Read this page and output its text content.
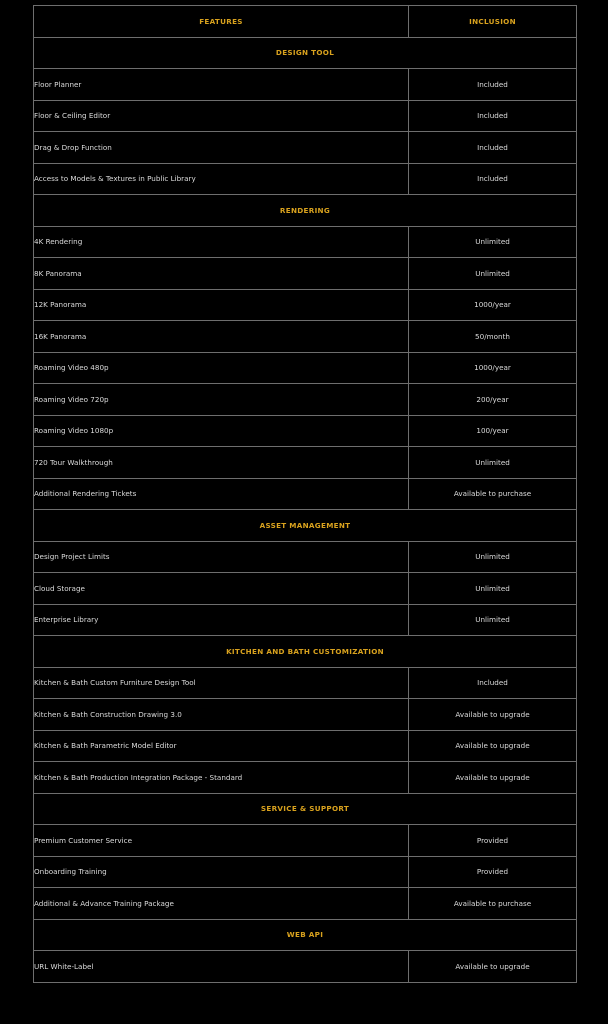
FEATURES	INCLUSION
DESIGN TOOL	
Floor Planner	Included
Floor & Ceiling Editor	Included
Drag & Drop Function	Included
Access to Models & Textures in Public Library	Included
RENDERING	
4K Rendering	Unlimited
8K Panorama	Unlimited
12K Panorama	1000/year
16K Panorama	50/month
Roaming Video 480p	1000/year
Roaming Video 720p	200/year
Roaming Video 1080p	100/year
720 Tour Walkthrough	Unlimited
Additional Rendering Tickets	Available to purchase
ASSET MANAGEMENT	
Design Project Limits	Unlimited
Cloud Storage	Unlimited
Enterprise Library	Unlimited
KITCHEN AND BATH CUSTOMIZATION	
Kitchen & Bath Custom Furniture Design Tool	Included
Kitchen & Bath Construction Drawing 3.0	Available to upgrade
Kitchen & Bath Parametric Model Editor	Available to upgrade
Kitchen & Bath Production Integration Package - Standard	Available to upgrade
SERVICE & SUPPORT	
Premium Customer Service	Provided
Onboarding Training	Provided
Additional & Advance Training Package	Available to purchase
WEB API	
URL White-Label	Available to upgrade
